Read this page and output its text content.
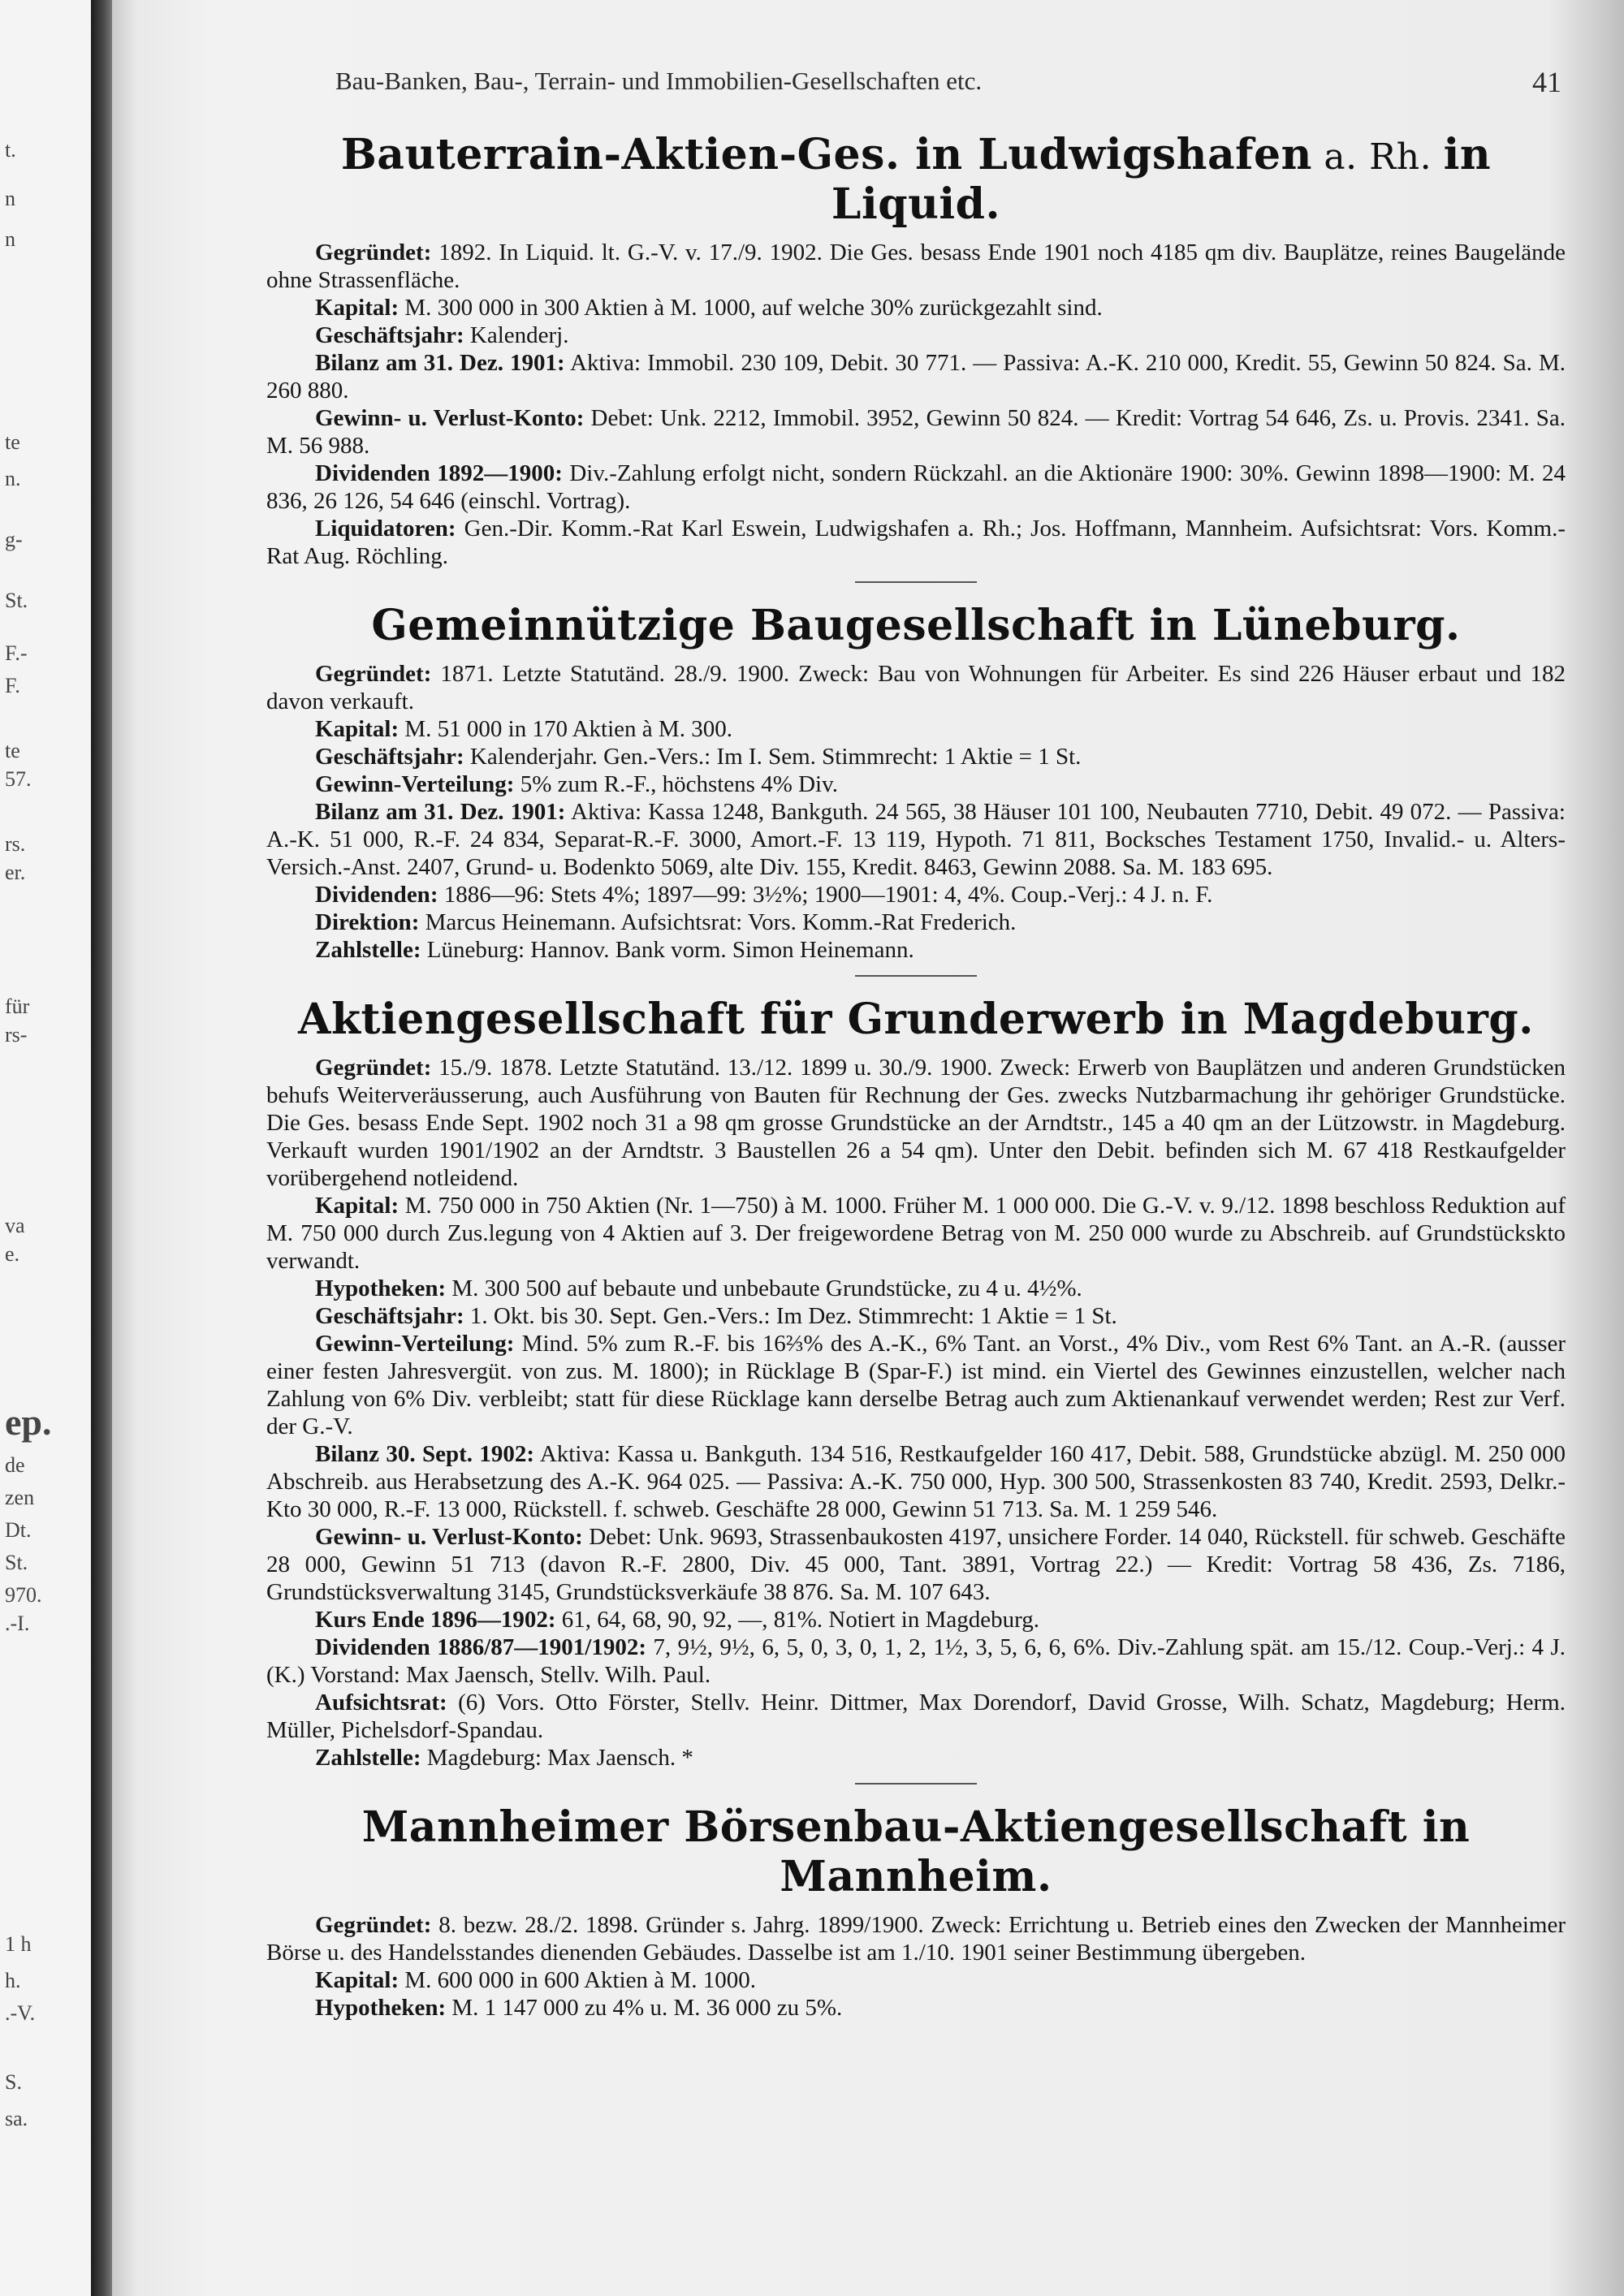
t.
n
n
te
n.
g-
St.
F.-
F.
te
57.
rs.
er.
für
rs-
va
e.
ep.
de
zen
Dt.
St.
970.
.-I.
1 h
h.
.-V.
S.
sa.
Bau-Banken, Bau-, Terrain- und Immobilien-Gesellschaften etc.	41
Bauterrain-Aktien-Ges. in Ludwigshafen a. Rh. in Liquid.

Gegründet: 1892. In Liquid. lt. G.-V. v. 17./9. 1902. Die Ges. besass Ende 1901 noch 4185 qm div. Bauplätze, reines Baugelände ohne Strassenfläche.

Kapital: M. 300 000 in 300 Aktien à M. 1000, auf welche 30% zurückgezahlt sind.

Geschäftsjahr: Kalenderj.

Bilanz am 31. Dez. 1901: Aktiva: Immobil. 230 109, Debit. 30 771. — Passiva: A.-K. 210 000, Kredit. 55, Gewinn 50 824. Sa. M. 260 880.

Gewinn- u. Verlust-Konto: Debet: Unk. 2212, Immobil. 3952, Gewinn 50 824. — Kredit: Vortrag 54 646, Zs. u. Provis. 2341. Sa. M. 56 988.

Dividenden 1892—1900: Div.-Zahlung erfolgt nicht, sondern Rückzahl. an die Aktionäre 1900: 30%. Gewinn 1898—1900: M. 24 836, 26 126, 54 646 (einschl. Vortrag).

Liquidatoren: Gen.-Dir. Komm.-Rat Karl Eswein, Ludwigshafen a. Rh.; Jos. Hoffmann, Mannheim. Aufsichtsrat: Vors. Komm.-Rat Aug. Röchling.

Gemeinnützige Baugesellschaft in Lüneburg.

Gegründet: 1871. Letzte Statutänd. 28./9. 1900. Zweck: Bau von Wohnungen für Arbeiter. Es sind 226 Häuser erbaut und 182 davon verkauft.

Kapital: M. 51 000 in 170 Aktien à M. 300.

Geschäftsjahr: Kalenderjahr. Gen.-Vers.: Im I. Sem. Stimmrecht: 1 Aktie = 1 St.

Gewinn-Verteilung: 5% zum R.-F., höchstens 4% Div.

Bilanz am 31. Dez. 1901: Aktiva: Kassa 1248, Bankguth. 24 565, 38 Häuser 101 100, Neubauten 7710, Debit. 49 072. — Passiva: A.-K. 51 000, R.-F. 24 834, Separat-R.-F. 3000, Amort.-F. 13 119, Hypoth. 71 811, Bocksches Testament 1750, Invalid.- u. Alters-Versich.-Anst. 2407, Grund- u. Bodenkto 5069, alte Div. 155, Kredit. 8463, Gewinn 2088. Sa. M. 183 695.

Dividenden: 1886—96: Stets 4%; 1897—99: 3½%; 1900—1901: 4, 4%. Coup.-Verj.: 4 J. n. F.

Direktion: Marcus Heinemann. Aufsichtsrat: Vors. Komm.-Rat Frederich.

Zahlstelle: Lüneburg: Hannov. Bank vorm. Simon Heinemann.

Aktiengesellschaft für Grunderwerb in Magdeburg.

Gegründet: 15./9. 1878. Letzte Statutänd. 13./12. 1899 u. 30./9. 1900. Zweck: Erwerb von Bauplätzen und anderen Grundstücken behufs Weiterveräusserung, auch Ausführung von Bauten für Rechnung der Ges. zwecks Nutzbarmachung ihr gehöriger Grundstücke. Die Ges. besass Ende Sept. 1902 noch 31 a 98 qm grosse Grundstücke an der Arndtstr., 145 a 40 qm an der Lützowstr. in Magdeburg. Verkauft wurden 1901/1902 an der Arndtstr. 3 Baustellen 26 a 54 qm). Unter den Debit. befinden sich M. 67 418 Restkaufgelder vorübergehend notleidend.

Kapital: M. 750 000 in 750 Aktien (Nr. 1—750) à M. 1000. Früher M. 1 000 000. Die G.-V. v. 9./12. 1898 beschloss Reduktion auf M. 750 000 durch Zus.legung von 4 Aktien auf 3. Der freigewordene Betrag von M. 250 000 wurde zu Abschreib. auf Grundstückskto verwandt.

Hypotheken: M. 300 500 auf bebaute und unbebaute Grundstücke, zu 4 u. 4½%.

Geschäftsjahr: 1. Okt. bis 30. Sept. Gen.-Vers.: Im Dez. Stimmrecht: 1 Aktie = 1 St.

Gewinn-Verteilung: Mind. 5% zum R.-F. bis 16⅔% des A.-K., 6% Tant. an Vorst., 4% Div., vom Rest 6% Tant. an A.-R. (ausser einer festen Jahresvergüt. von zus. M. 1800); in Rücklage B (Spar-F.) ist mind. ein Viertel des Gewinnes einzustellen, welcher nach Zahlung von 6% Div. verbleibt; statt für diese Rücklage kann derselbe Betrag auch zum Aktienankauf verwendet werden; Rest zur Verf. der G.-V.

Bilanz 30. Sept. 1902: Aktiva: Kassa u. Bankguth. 134 516, Restkaufgelder 160 417, Debit. 588, Grundstücke abzügl. M. 250 000 Abschreib. aus Herabsetzung des A.-K. 964 025. — Passiva: A.-K. 750 000, Hyp. 300 500, Strassenkosten 83 740, Kredit. 2593, Delkr.-Kto 30 000, R.-F. 13 000, Rückstell. f. schweb. Geschäfte 28 000, Gewinn 51 713. Sa. M. 1 259 546.

Gewinn- u. Verlust-Konto: Debet: Unk. 9693, Strassenbaukosten 4197, unsichere Forder. 14 040, Rückstell. für schweb. Geschäfte 28 000, Gewinn 51 713 (davon R.-F. 2800, Div. 45 000, Tant. 3891, Vortrag 22.) — Kredit: Vortrag 58 436, Zs. 7186, Grundstücksverwaltung 3145, Grundstücksverkäufe 38 876. Sa. M. 107 643.

Kurs Ende 1896—1902: 61, 64, 68, 90, 92, —, 81%. Notiert in Magdeburg.

Dividenden 1886/87—1901/1902: 7, 9½, 9½, 6, 5, 0, 3, 0, 1, 2, 1½, 3, 5, 6, 6, 6%. Div.-Zahlung spät. am 15./12. Coup.-Verj.: 4 J. (K.) Vorstand: Max Jaensch, Stellv. Wilh. Paul.

Aufsichtsrat: (6) Vors. Otto Förster, Stellv. Heinr. Dittmer, Max Dorendorf, David Grosse, Wilh. Schatz, Magdeburg; Herm. Müller, Pichelsdorf-Spandau.

Zahlstelle: Magdeburg: Max Jaensch. *

Mannheimer Börsenbau-Aktiengesellschaft in Mannheim.

Gegründet: 8. bezw. 28./2. 1898. Gründer s. Jahrg. 1899/1900. Zweck: Errichtung u. Betrieb eines den Zwecken der Mannheimer Börse u. des Handelsstandes dienenden Gebäudes. Dasselbe ist am 1./10. 1901 seiner Bestimmung übergeben.

Kapital: M. 600 000 in 600 Aktien à M. 1000.

Hypotheken: M. 1 147 000 zu 4% u. M. 36 000 zu 5%.
